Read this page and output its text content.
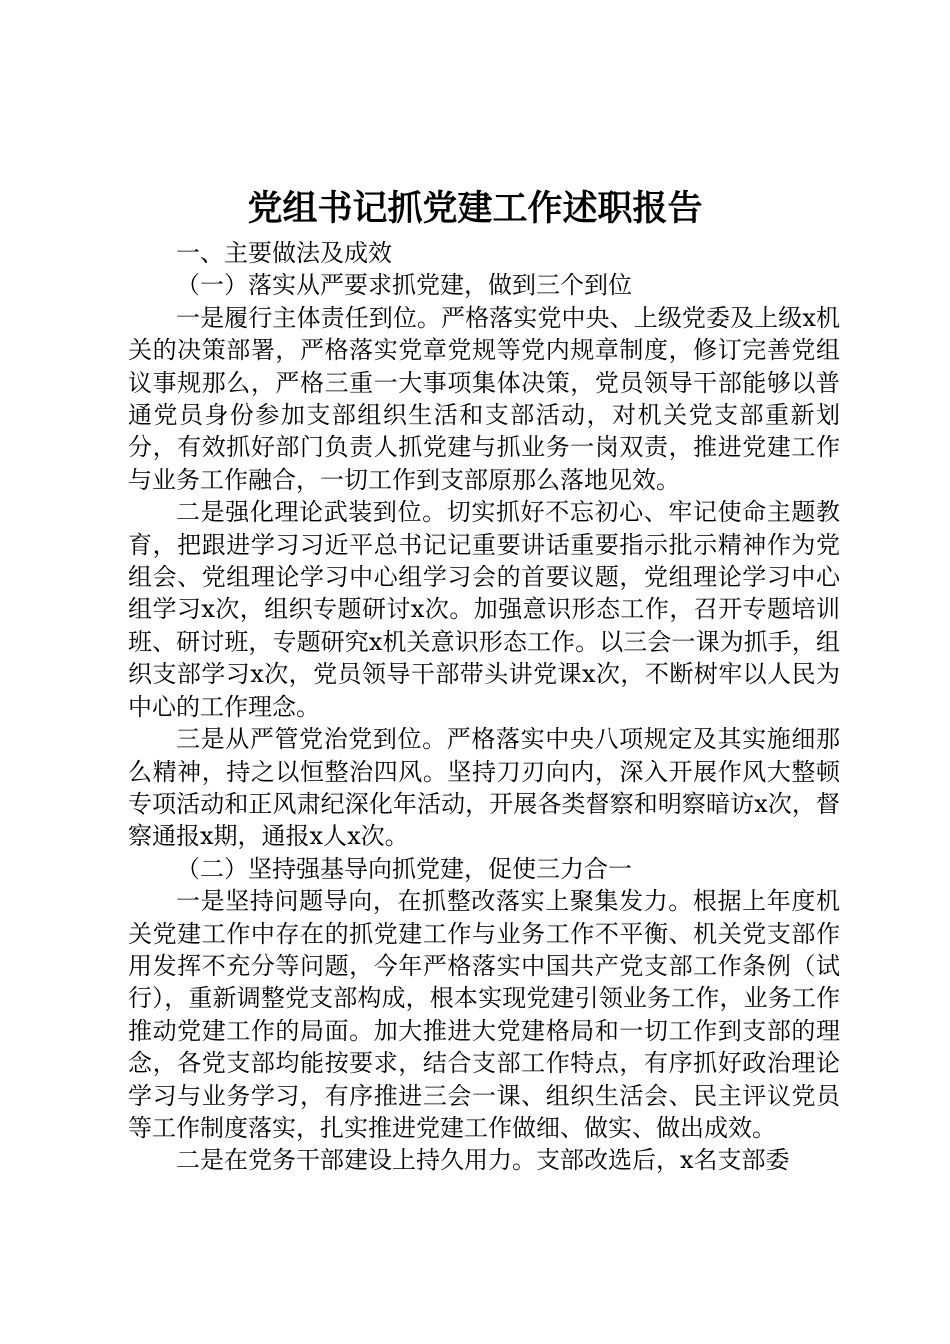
党组书记抓党建工作述职报告

一、主要做法及成效

（一）落实从严要求抓党建，做到三个到位

一是履行主体责任到位。严格落实党中央、上级党委及上级x机关的决策部署，严格落实党章党规等党内规章制度，修订完善党组议事规那么，严格三重一大事项集体决策，党员领导干部能够以普通党员身份参加支部组织生活和支部活动，对机关党支部重新划分，有效抓好部门负责人抓党建与抓业务一岗双责，推进党建工作与业务工作融合，一切工作到支部原那么落地见效。

二是强化理论武装到位。切实抓好不忘初心、牢记使命主题教育，把跟进学习习近平总书记记重要讲话重要指示批示精神作为党组会、党组理论学习中心组学习会的首要议题，党组理论学习中心组学习x次，组织专题研讨x次。加强意识形态工作，召开专题培训班、研讨班，专题研究x机关意识形态工作。以三会一课为抓手，组织支部学习x次，党员领导干部带头讲党课x次，不断树牢以人民为中心的工作理念。

三是从严管党治党到位。严格落实中央八项规定及其实施细那么精神，持之以恒整治四风。坚持刀刃向内，深入开展作风大整顿专项活动和正风肃纪深化年活动，开展各类督察和明察暗访x次，督察通报x期，通报x人x次。

（二）坚持强基导向抓党建，促使三力合一

一是坚持问题导向，在抓整改落实上聚集发力。根据上年度机关党建工作中存在的抓党建工作与业务工作不平衡、机关党支部作用发挥不充分等问题，今年严格落实中国共产党支部工作条例（试行），重新调整党支部构成，根本实现党建引领业务工作，业务工作推动党建工作的局面。加大推进大党建格局和一切工作到支部的理念，各党支部均能按要求，结合支部工作特点，有序抓好政治理论学习与业务学习，有序推进三会一课、组织生活会、民主评议党员等工作制度落实，扎实推进党建工作做细、做实、做出成效。

二是在党务干部建设上持久用力。支部改选后，x名支部委
